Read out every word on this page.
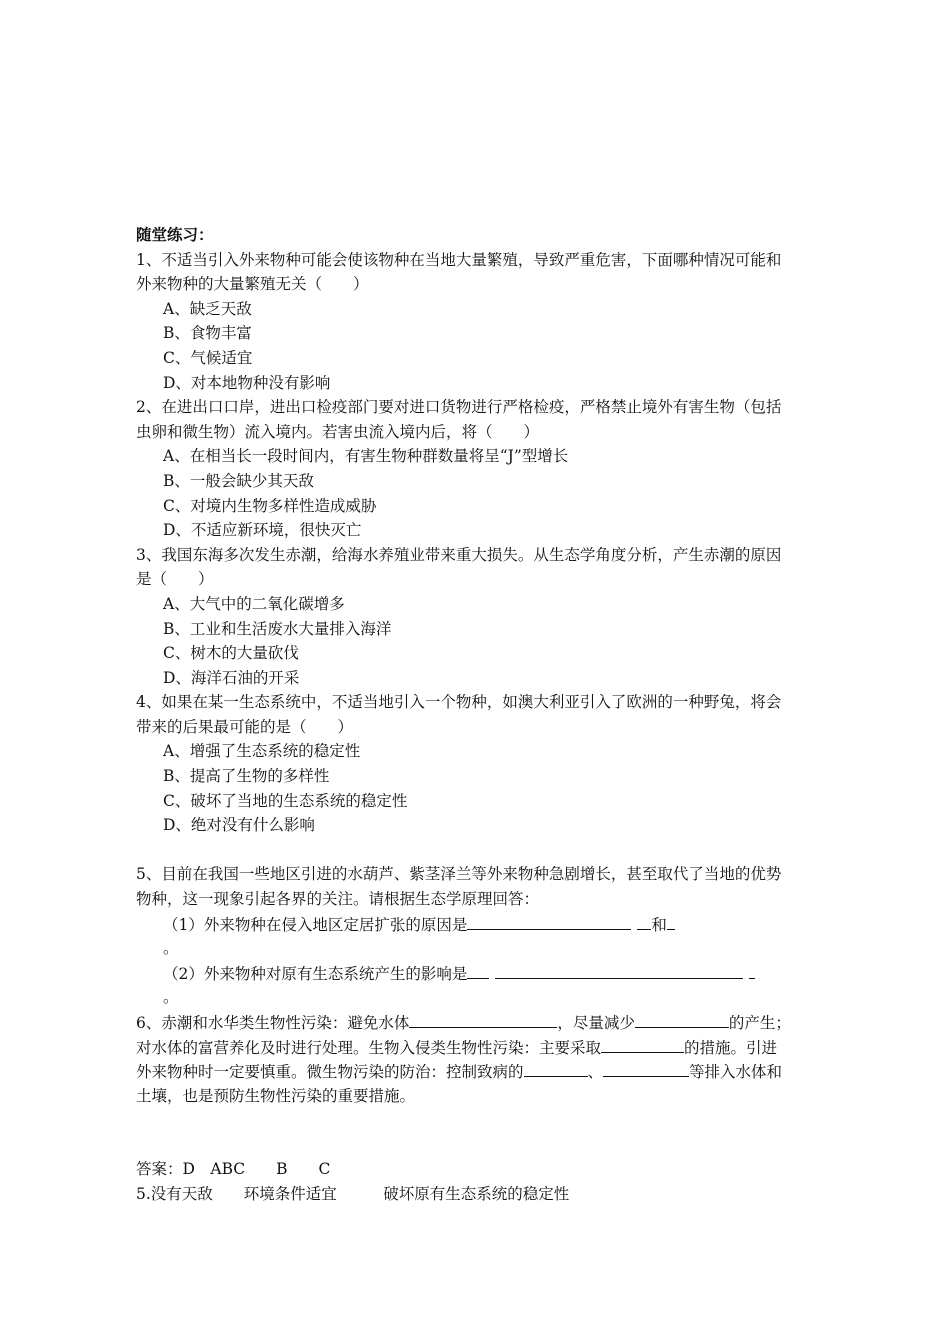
随堂练习：
1、不适当引入外来物种可能会使该物种在当地大量繁殖，导致严重危害，下面哪种情况可能和
外来物种的大量繁殖无关（　　）
A、缺乏天敌
B、食物丰富
C、气候适宜
D、对本地物种没有影响
2、在进出口口岸，进出口检疫部门要对进口货物进行严格检疫，严格禁止境外有害生物（包括
虫卵和微生物）流入境内。若害虫流入境内后，将（　　）
A、在相当长一段时间内，有害生物种群数量将呈“J”型增长
B、一般会缺少其天敌
C、对境内生物多样性造成威胁
D、不适应新环境，很快灭亡
3、我国东海多次发生赤潮，给海水养殖业带来重大损失。从生态学角度分析，产生赤潮的原因
是（　　）
A、大气中的二氧化碳增多
B、工业和生活废水大量排入海洋
C、树木的大量砍伐
D、海洋石油的开采
4、如果在某一生态系统中，不适当地引入一个物种，如澳大利亚引入了欧洲的一种野兔，将会
带来的后果最可能的是（　　）
A、增强了生态系统的稳定性
B、提高了生物的多样性
C、破坏了当地的生态系统的稳定性
D、绝对没有什么影响
5、目前在我国一些地区引进的水葫芦、紫茎泽兰等外来物种急剧增长，甚至取代了当地的优势
物种，这一现象引起各界的关注。请根据生态学原理回答：
（1）外来物种在侵入地区定居扩张的原因是	和
。
（2）外来物种对原有生态系统产生的影响是
。
6、赤潮和水华类生物性污染：避免水体	，尽量减少	的产生；
对水体的富营养化及时进行处理。生物入侵类生物性污染：主要采取	的措施。引进
外来物种时一定要慎重。微生物污染的防治：控制致病的	、	等排入水体和
土壤，也是预防生物性污染的重要措施。
答案：D　ABC　　B　　C
5.没有天敌　　环境条件适宜　　　破坏原有生态系统的稳定性
